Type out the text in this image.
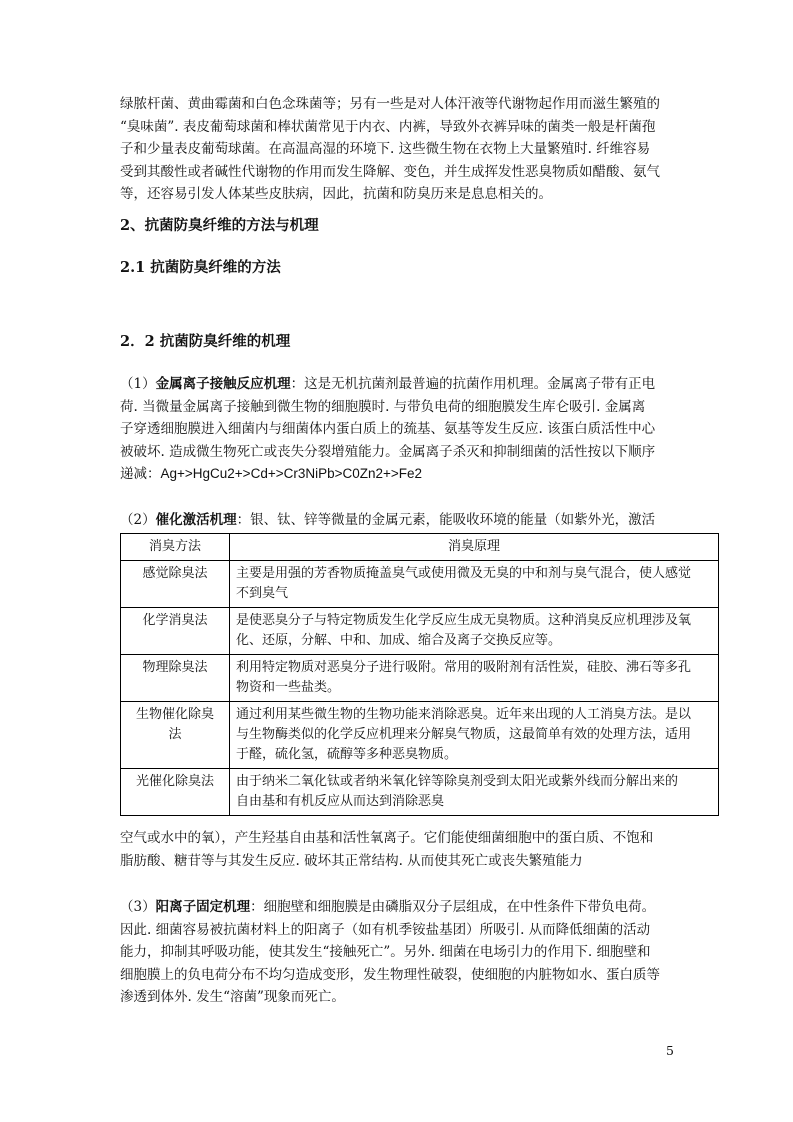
绿脓杆菌、黄曲霉菌和白色念珠菌等；另有一些是对人体汗液等代谢物起作用而滋生繁殖的
“臭味菌”. 表皮葡萄球菌和棒状菌常见于内衣、内裤，导致外衣裤异味的菌类一般是杆菌孢
子和少量表皮葡萄球菌。在高温高湿的环境下. 这些微生物在衣物上大量繁殖时. 纤维容易
受到其酸性或者碱性代谢物的作用而发生降解、变色，并生成挥发性恶臭物质如醋酸、氨气
等，还容易引发人体某些皮肤病，因此，抗菌和防臭历来是息息相关的。
2、抗菌防臭纤维的方法与机理
2.1 抗菌防臭纤维的方法
2．2 抗菌防臭纤维的机理
（1）金属离子接触反应机理：这是无机抗菌剂最普遍的抗菌作用机理。金属离子带有正电
荷. 当微量金属离子接触到微生物的细胞膜时. 与带负电荷的细胞膜发生库仑吸引. 金属离
子穿透细胞膜进入细菌内与细菌体内蛋白质上的巯基、氨基等发生反应. 该蛋白质活性中心
被破坏. 造成微生物死亡或丧失分裂增殖能力。金属离子杀灭和抑制细菌的活性按以下顺序
递减：Ag+>HgCu2+>Cd+>Cr3NiPb>C0Zn2+>Fe2
（2）催化激活机理：银、钛、锌等微量的金属元素，能吸收环境的能量（如紫外光，激活
消臭方法	消臭原理
感觉除臭法	主要是用强的芳香物质掩盖臭气或使用微及无臭的中和剂与臭气混合，使人感觉
不到臭气
化学消臭法	是使恶臭分子与特定物质发生化学反应生成无臭物质。这种消臭反应机理涉及氧
化、还原，分解、中和、加成、缩合及离子交换反应等。
物理除臭法	利用特定物质对恶臭分子进行吸附。常用的吸附剂有活性炭，硅胶、沸石等多孔
物资和一些盐类。
生物催化除臭
法	通过利用某些微生物的生物功能来消除恶臭。近年来出现的人工消臭方法。是以
与生物酶类似的化学反应机理来分解臭气物质，这最简单有效的处理方法，适用
于醛，硫化氢，硫醇等多种恶臭物质。
光催化除臭法	由于纳米二氧化钛或者纳米氧化锌等除臭剂受到太阳光或紫外线而分解出来的
自由基和有机反应从而达到消除恶臭
空气或水中的氧），产生羟基自由基和活性氧离子。它们能使细菌细胞中的蛋白质、不饱和
脂肪酸、糖苷等与其发生反应. 破坏其正常结构. 从而使其死亡或丧失繁殖能力
（3）阳离子固定机理：细胞壁和细胞膜是由磷脂双分子层组成，在中性条件下带负电荷。
因此. 细菌容易被抗菌材料上的阳离子（如有机季铵盐基团）所吸引. 从而降低细菌的活动
能力，抑制其呼吸功能，使其发生“接触死亡”。另外. 细菌在电场引力的作用下. 细胞壁和
细胞膜上的负电荷分布不均匀造成变形，发生物理性破裂，使细胞的内脏物如水、蛋白质等
渗透到体外. 发生“溶菌”现象而死亡。
5
